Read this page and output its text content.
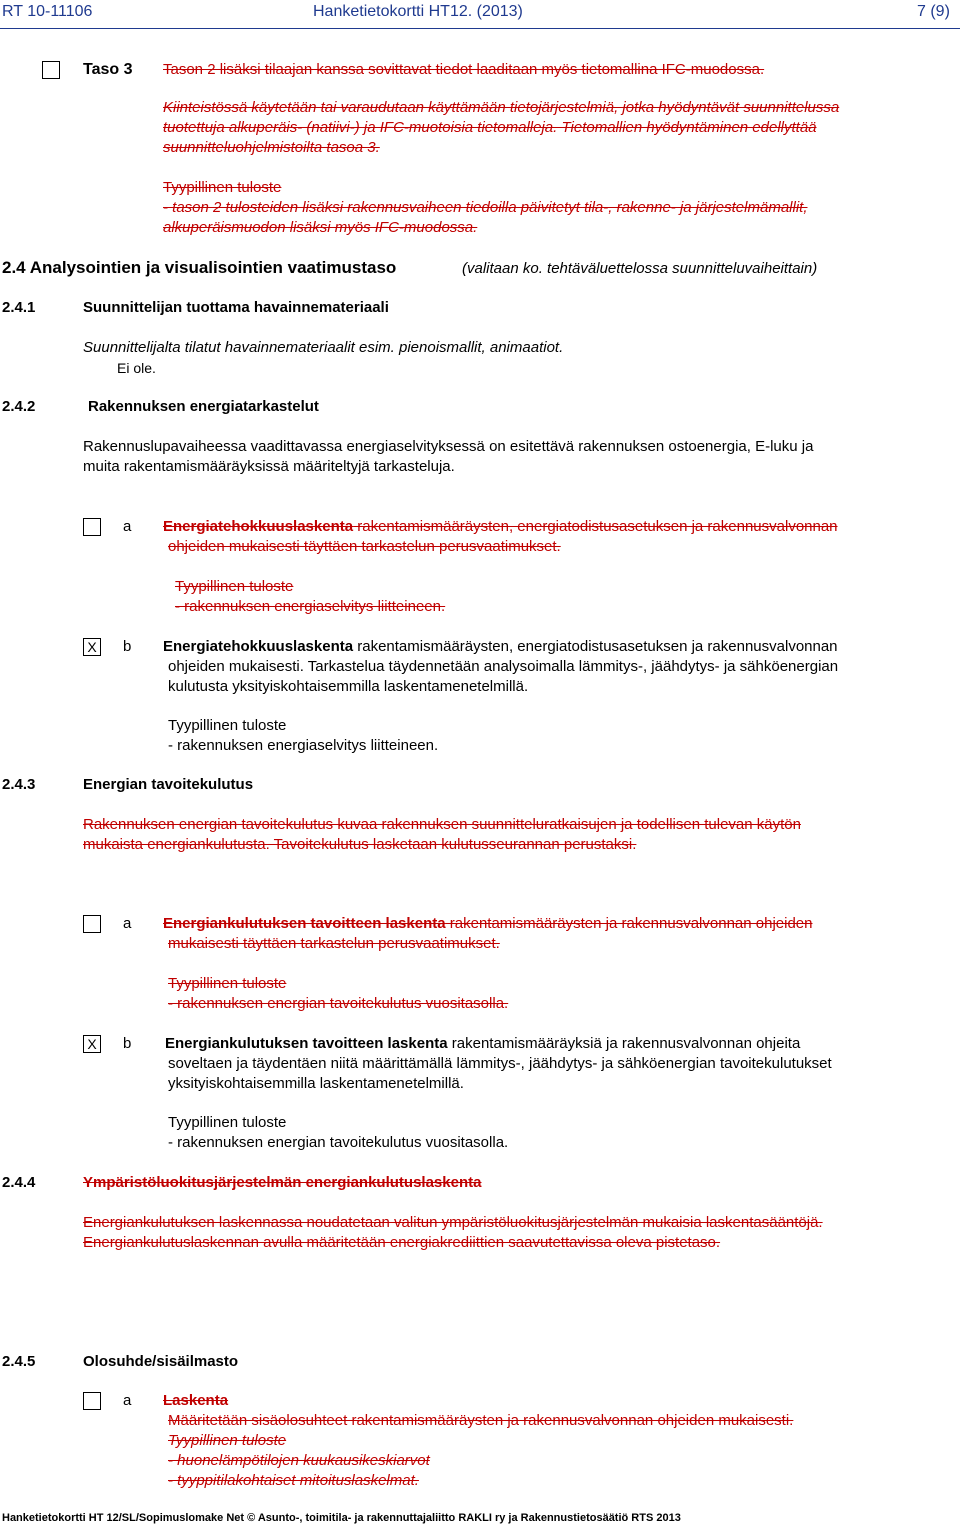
RT 10-11106	Hanketietokortti HT12. (2013)	7 (9)
Taso 3 Tason 2 lisäksi tilaajan kanssa sovittavat tiedot laaditaan myös tietomallina IFC-muodossa.
Kiinteistössä käytetään tai varaudutaan käyttämään tietojärjestelmiä, jotka hyödyntävät suunnittelussa
tuotettuja alkuperäis- (natiivi-) ja IFC-muotoisia tietomalleja. Tietomallien hyödyntäminen edellyttää
suunnitteluohjelmistoilta tasoa 3.
Tyypillinen tuloste
- tason 2 tulosteiden lisäksi rakennusvaiheen tiedoilla päivitetyt tila-, rakenne- ja järjestelmämallit,
alkuperäismuodon lisäksi myös IFC-muodossa.
2.4 Analysointien ja visualisointien vaatimustaso	(valitaan ko. tehtäväluettelossa suunnitteluvaiheittain)
2.4.1	Suunnittelijan tuottama havainnemateriaali
Suunnittelijalta tilatut havainnemateriaalit esim. pienoismallit, animaatiot.
Ei ole.
2.4.2	Rakennuksen energiatarkastelut
Rakennuslupavaiheessa vaadittavassa energiaselvityksessä on esitettävä rakennuksen ostoenergia, E-luku ja
muita rakentamismääräyksissä määriteltyjä tarkasteluja.
a Energiatehokkuuslaskenta rakentamismääräysten, energiatodistusasetuksen ja rakennusvalvonnan
ohjeiden mukaisesti täyttäen tarkastelun perusvaatimukset.
Tyypillinen tuloste
- rakennuksen energiaselvitys liitteineen.
X b Energiatehokkuuslaskenta rakentamismääräysten, energiatodistusasetuksen ja rakennusvalvonnan
ohjeiden mukaisesti. Tarkastelua täydennetään analysoimalla lämmitys-, jäähdytys- ja sähköenergian
kulutusta yksityiskohtaisemmilla laskentamenetelmillä.
Tyypillinen tuloste
- rakennuksen energiaselvitys liitteineen.
2.4.3	Energian tavoitekulutus
Rakennuksen energian tavoitekulutus kuvaa rakennuksen suunnitteluratkaisujen ja todellisen tulevan käytön
mukaista energiankulutusta. Tavoitekulutus lasketaan kulutusseurannan perustaksi.
a Energiankulutuksen tavoitteen laskenta rakentamismääräysten ja rakennusvalvonnan ohjeiden
mukaisesti täyttäen tarkastelun perusvaatimukset.
Tyypillinen tuloste
- rakennuksen energian tavoitekulutus vuositasolla.
X b Energiankulutuksen tavoitteen laskenta rakentamismääräyksiä ja rakennusvalvonnan ohjeita
soveltaen ja täydentäen niitä määrittämällä lämmitys-, jäähdytys- ja sähköenergian tavoitekulutukset
yksityiskohtaisemmilla laskentamenetelmillä.
Tyypillinen tuloste
- rakennuksen energian tavoitekulutus vuositasolla.
2.4.4	Ympäristöluokitusjärjestelmän energiankulutuslaskenta
Energiankulutuksen laskennassa noudatetaan valitun ympäristöluokitusjärjestelmän mukaisia laskentasääntöjä.
Energiankulutuslaskennan avulla määritetään energiakrediittien saavutettavissa oleva pistetaso.
2.4.5	Olosuhde/sisäilmasto
a Laskenta
Määritetään sisäolosuhteet rakentamismääräysten ja rakennusvalvonnan ohjeiden mukaisesti.
Tyypillinen tuloste
- huonelämpötilojen kuukausikeskiarvot
- tyyppitilakohtaiset mitoituslaskelmat.
Hanketietokortti HT 12/SL/Sopimuslomake Net © Asunto-, toimitila- ja rakennuttajaliitto RAKLI ry ja Rakennustietosäätiö RTS 2013
